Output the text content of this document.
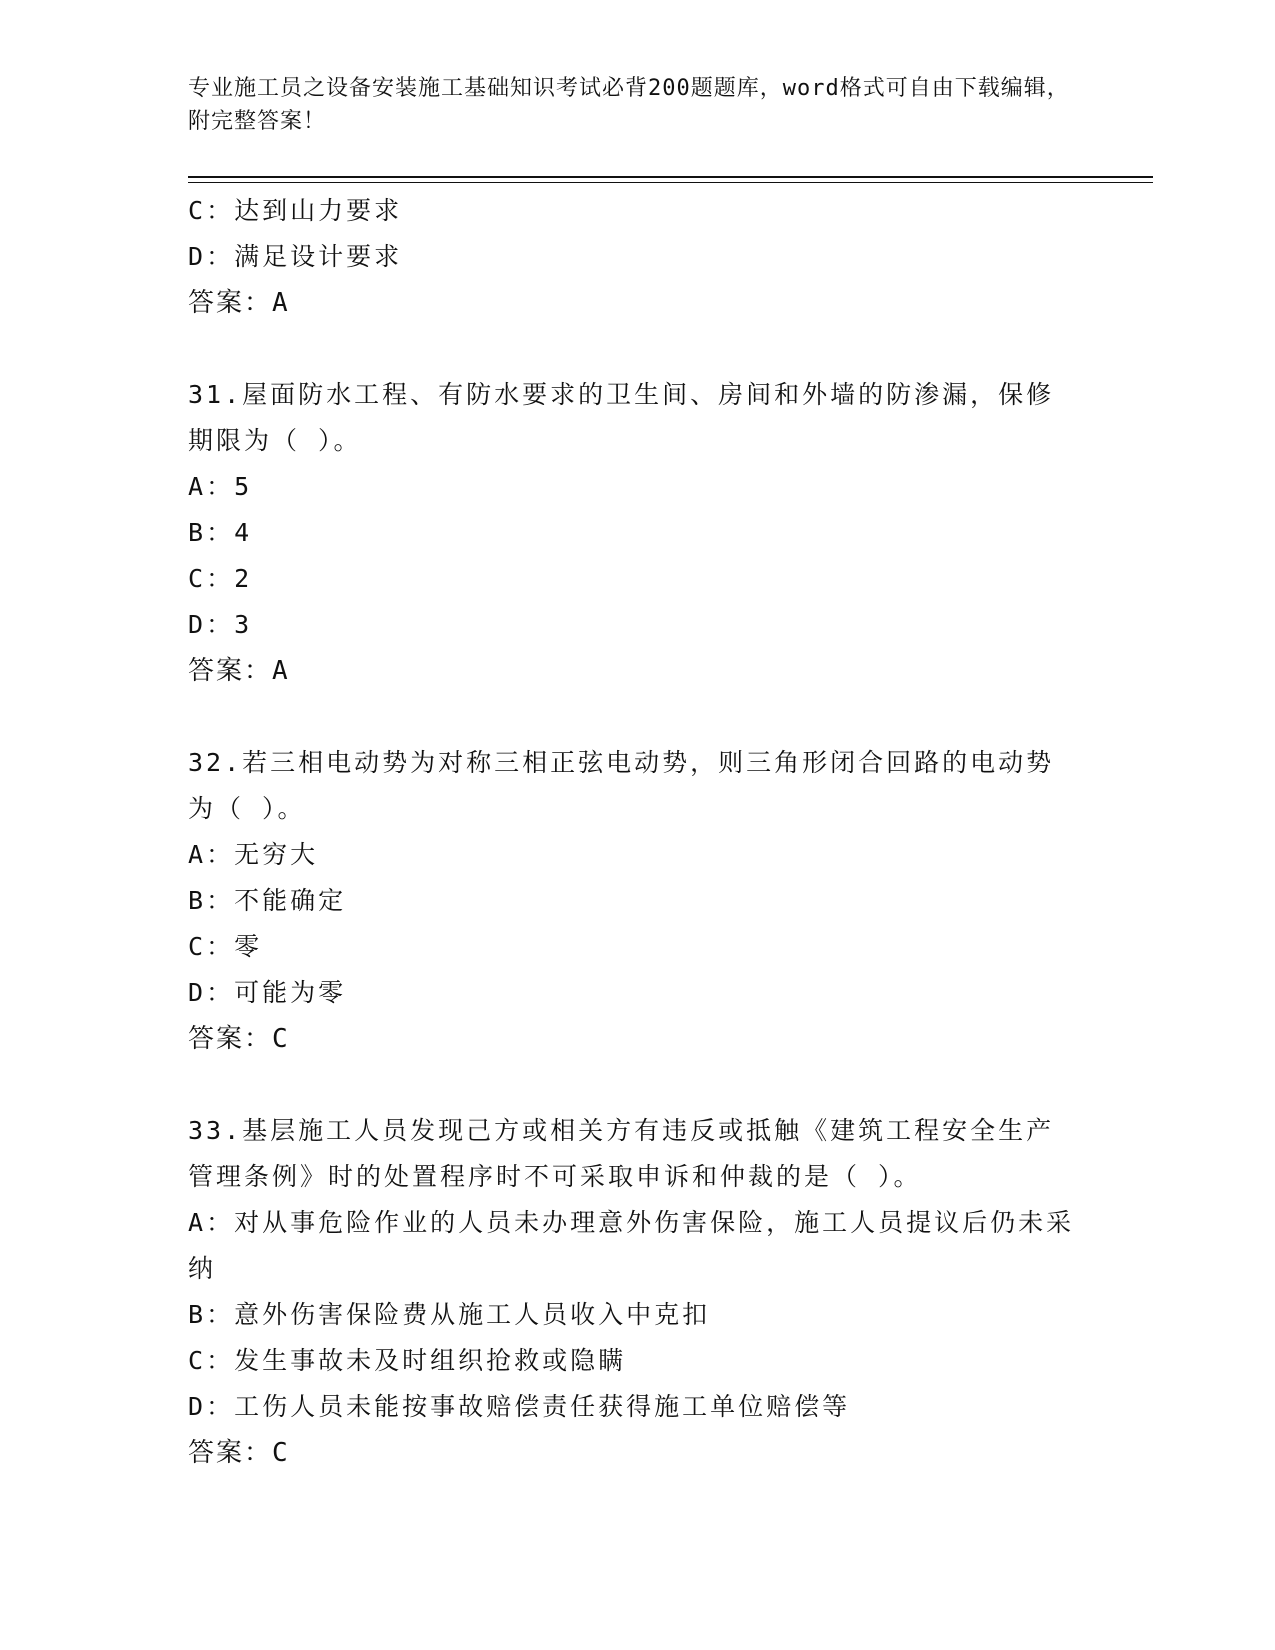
专业施工员之设备安装施工基础知识考试必背200题题库，word格式可自由下载编辑，附完整答案！
C：达到山力要求
D：满足设计要求
答案：A
31.屋面防水工程、有防水要求的卫生间、房间和外墙的防渗漏，保修期限为（ ）。
A：5
B：4
C：2
D：3
答案：A
32.若三相电动势为对称三相正弦电动势，则三角形闭合回路的电动势为（ ）。
A：无穷大
B：不能确定
C：零
D：可能为零
答案：C
33.基层施工人员发现己方或相关方有违反或抵触《建筑工程安全生产管理条例》时的处置程序时不可采取申诉和仲裁的是（ ）。
A：对从事危险作业的人员未办理意外伤害保险，施工人员提议后仍未采纳
B：意外伤害保险费从施工人员收入中克扣
C：发生事故未及时组织抢救或隐瞒
D：工伤人员未能按事故赔偿责任获得施工单位赔偿等
答案：C
